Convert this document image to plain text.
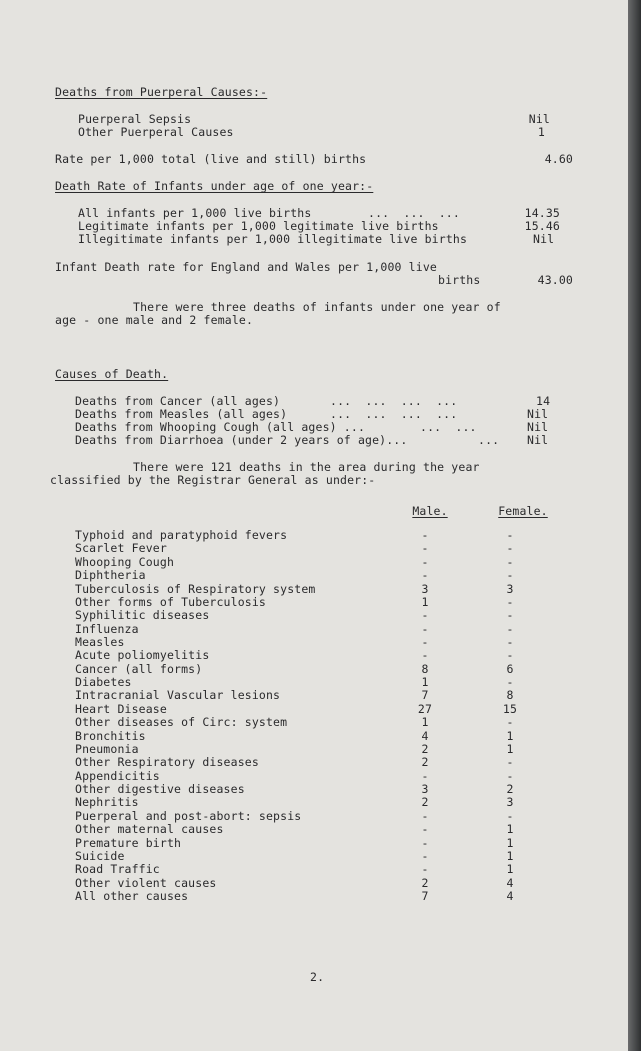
Deaths from Puerperal Causes:-
Puerperal Sepsis	Nil
Other Puerperal Causes	1
Rate per 1,000 total (live and still) births	4.60
Death Rate of Infants under age of one year:-
All infants per 1,000 live births	...  ...  ...	14.35
Legitimate infants per 1,000 legitimate live births	15.46
Illegitimate infants per 1,000 illegitimate live births	Nil
Infant Death rate for England and Wales per 1,000 live
births	43.00
There were three deaths of infants under one year of
age - one male and 2 female.
Causes of Death.
Deaths from Cancer (all ages)	...  ...  ...  ...	14
Deaths from Measles (all ages)	...  ...  ...  ...	Nil
Deaths from Whooping Cough (all ages) ...	...  ...	Nil
Deaths from Diarrhoea (under 2 years of age)...	... Nil
There were 121 deaths in the area during the year
classified by the Registrar General as under:-
Male.	Female.
Typhoid and paratyphoid fevers	-	-
Scarlet Fever	-	-
Whooping Cough	-	-
Diphtheria	-	-
Tuberculosis of Respiratory system	3	3
Other forms of Tuberculosis	1	-
Syphilitic diseases	-	-
Influenza	-	-
Measles	-	-
Acute poliomyelitis	-	-
Cancer (all forms)	8	6
Diabetes	1	-
Intracranial Vascular lesions	7	8
Heart Disease	27	15
Other diseases of Circ: system	1	-
Bronchitis	4	1
Pneumonia	2	1
Other Respiratory diseases	2	-
Appendicitis	-	-
Other digestive diseases	3	2
Nephritis	2	3
Puerperal and post-abort: sepsis	-	-
Other maternal causes	-	1
Premature birth	-	1
Suicide	-	1
Road Traffic	-	1
Other violent causes	2	4
All other causes	7	4
2.
